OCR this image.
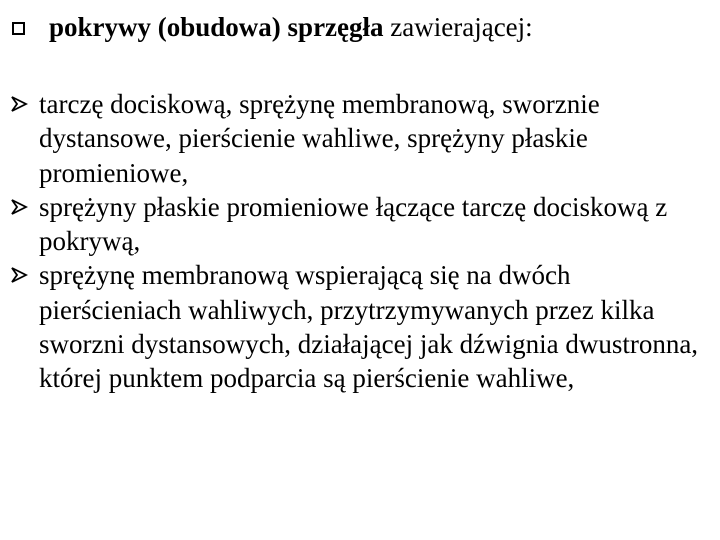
pokrywy (obudowa) sprzęgła zawierającej:
tarczę dociskową, sprężynę membranową, sworznie dystansowe, pierścienie wahliwe, sprężyny płaskie promieniowe,
sprężyny płaskie promieniowe łączące tarczę dociskową z pokrywą,
sprężynę membranową wspierającą się na dwóch pierścieniach wahliwych, przytrzymywanych przez kilka sworzni dystansowych, działającej jak dźwignia dwustronna, której punktem podparcia są pierścienie wahliwe,
